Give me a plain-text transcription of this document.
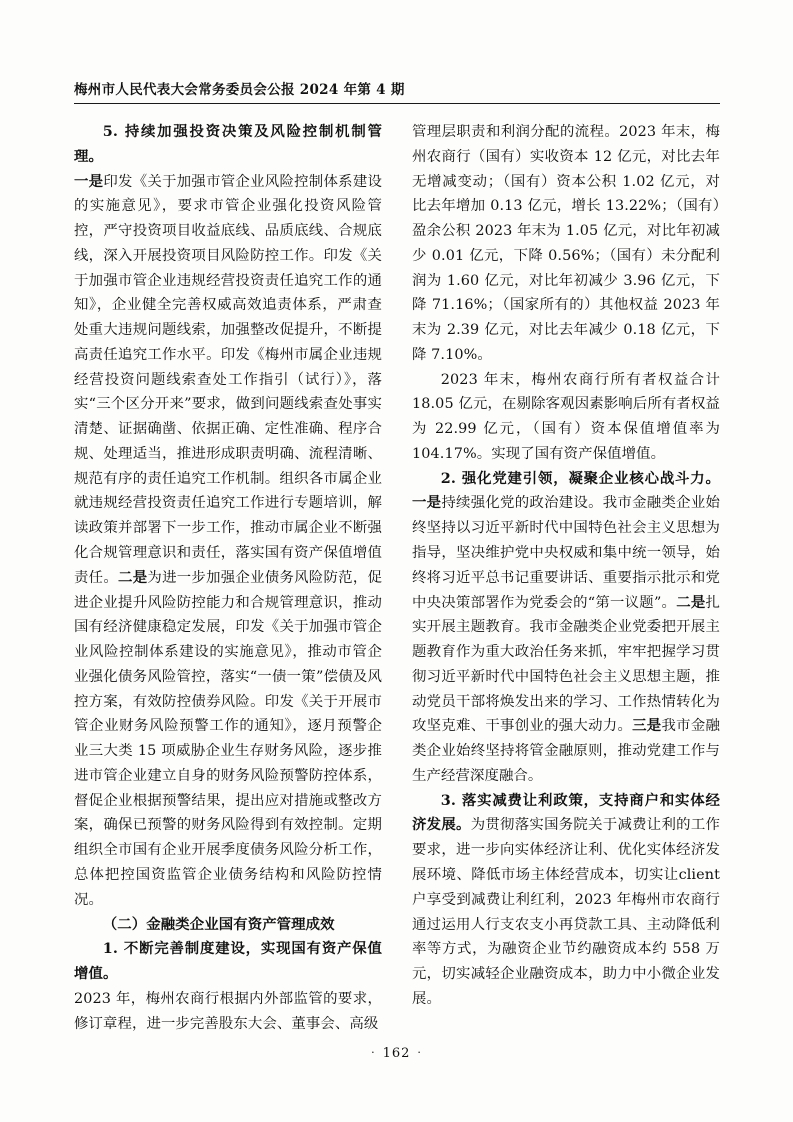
梅州市人民代表大会常务委员会公报 2024 年第 4 期

5. 持续加强投资决策及风险控制机制管理。

一是印发《关于加强市管企业风险控制体系建设的实施意见》，要求市管企业强化投资风险管控，严守投资项目收益底线、品质底线、合规底线，深入开展投资项目风险防控工作。印发《关于加强市管企业违规经营投资责任追究工作的通知》，企业健全完善权威高效追责体系，严肃查处重大违规问题线索，加强整改促提升，不断提高责任追究工作水平。印发《梅州市属企业违规经营投资问题线索查处工作指引（试行）》，落实“三个区分开来”要求，做到问题线索查处事实清楚、证据确凿、依据正确、定性准确、程序合规、处理适当，推进形成职责明确、流程清晰、规范有序的责任追究工作机制。组织各市属企业就违规经营投资责任追究工作进行专题培训，解读政策并部署下一步工作，推动市属企业不断强化合规管理意识和责任，落实国有资产保值增值责任。二是为进一步加强企业债务风险防范，促进企业提升风险防控能力和合规管理意识，推动国有经济健康稳定发展，印发《关于加强市管企业风险控制体系建设的实施意见》，推动市管企业强化债务风险管控，落实“一债一策”偿债及风控方案，有效防控债券风险。印发《关于开展市管企业财务风险预警工作的通知》，逐月预警企业三大类 15 项威胁企业生存财务风险，逐步推进市管企业建立自身的财务风险预警防控体系，督促企业根据预警结果，提出应对措施或整改方案，确保已预警的财务风险得到有效控制。定期组织全市国有企业开展季度债务风险分析工作，总体把控国资监管企业债务结构和风险防控情况。

（二）金融类企业国有资产管理成效

1. 不断完善制度建设，实现国有资产保值增值。

2023 年，梅州农商行根据内外部监管的要求，修订章程，进一步完善股东大会、董事会、高级

管理层职责和利润分配的流程。2023 年末，梅州农商行（国有）实收资本 12 亿元，对比去年无增减变动；（国有）资本公积 1.02 亿元，对比去年增加 0.13 亿元，增长 13.22%；（国有）盈余公积 2023 年末为 1.05 亿元，对比年初减少 0.01 亿元，下降 0.56%；（国有）未分配利润为 1.60 亿元，对比年初减少 3.96 亿元，下降 71.16%；（国家所有的）其他权益 2023 年末为 2.39 亿元，对比去年减少 0.18 亿元，下降 7.10%。

2023 年末，梅州农商行所有者权益合计 18.05 亿元，在剔除客观因素影响后所有者权益为 22.99 亿元，（国有）资本保值增值率为 104.17%。实现了国有资产保值增值。

2. 强化党建引领，凝聚企业核心战斗力。一是持续强化党的政治建设。我市金融类企业始终坚持以习近平新时代中国特色社会主义思想为指导，坚决维护党中央权威和集中统一领导，始终将习近平总书记重要讲话、重要指示批示和党中央决策部署作为党委会的“第一议题”。二是扎实开展主题教育。我市金融类企业党委把开展主题教育作为重大政治任务来抓，牢牢把握学习贯彻习近平新时代中国特色社会主义思想主题，推动党员干部将焕发出来的学习、工作热情转化为攻坚克难、干事创业的强大动力。三是我市金融类企业始终坚持将管金融原则，推动党建工作与生产经营深度融合。

3. 落实减费让利政策，支持商户和实体经济发展。为贯彻落实国务院关于减费让利的工作要求，进一步向实体经济让利、优化实体经济发展环境、降低市场主体经营成本，切实让client户享受到减费让利红利，2023 年梅州市农商行通过运用人行支农支小再贷款工具、主动降低利率等方式，为融资企业节约融资成本约 558 万元，切实减轻企业融资成本，助力中小微企业发展。

· 162 ·
